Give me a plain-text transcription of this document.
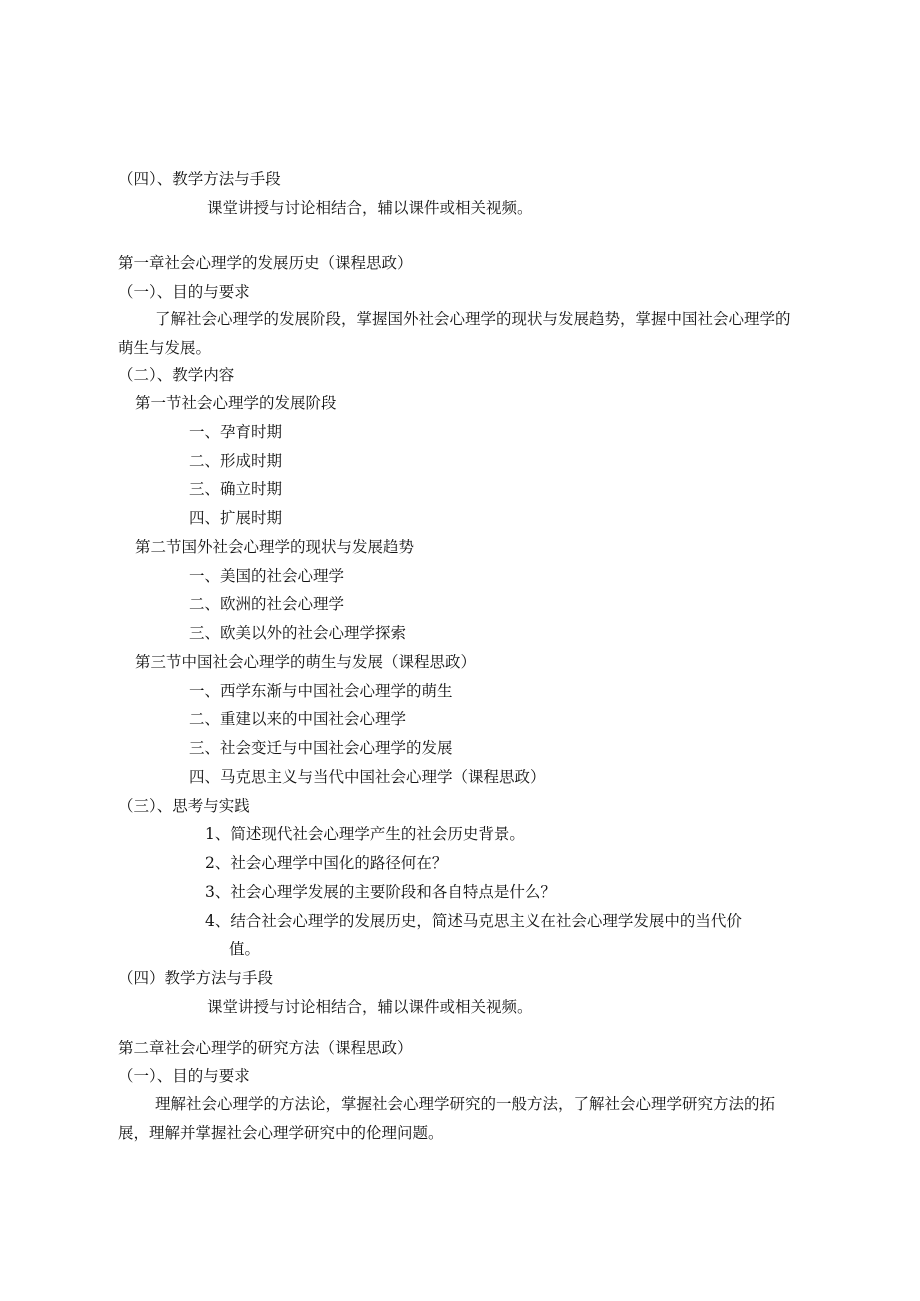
（四）、教学方法与手段
课堂讲授与讨论相结合，辅以课件或相关视频。
第一章社会心理学的发展历史（课程思政）
（一）、目的与要求
了解社会心理学的发展阶段，掌握国外社会心理学的现状与发展趋势，掌握中国社会心理学的萌生与发展。
（二）、教学内容
第一节社会心理学的发展阶段
一、孕育时期
二、形成时期
三、确立时期
四、扩展时期
第二节国外社会心理学的现状与发展趋势
一、美国的社会心理学
二、欧洲的社会心理学
三、欧美以外的社会心理学探索
第三节中国社会心理学的萌生与发展（课程思政）
一、西学东渐与中国社会心理学的萌生
二、重建以来的中国社会心理学
三、社会变迁与中国社会心理学的发展
四、马克思主义与当代中国社会心理学（课程思政）
（三）、思考与实践
1、简述现代社会心理学产生的社会历史背景。
2、社会心理学中国化的路径何在？
3、社会心理学发展的主要阶段和各自特点是什么？
4、结合社会心理学的发展历史，简述马克思主义在社会心理学发展中的当代价
值。
（四）教学方法与手段
课堂讲授与讨论相结合，辅以课件或相关视频。
第二章社会心理学的研究方法（课程思政）
（一）、目的与要求
理解社会心理学的方法论，掌握社会心理学研究的一般方法，了解社会心理学研究方法的拓展，理解并掌握社会心理学研究中的伦理问题。
